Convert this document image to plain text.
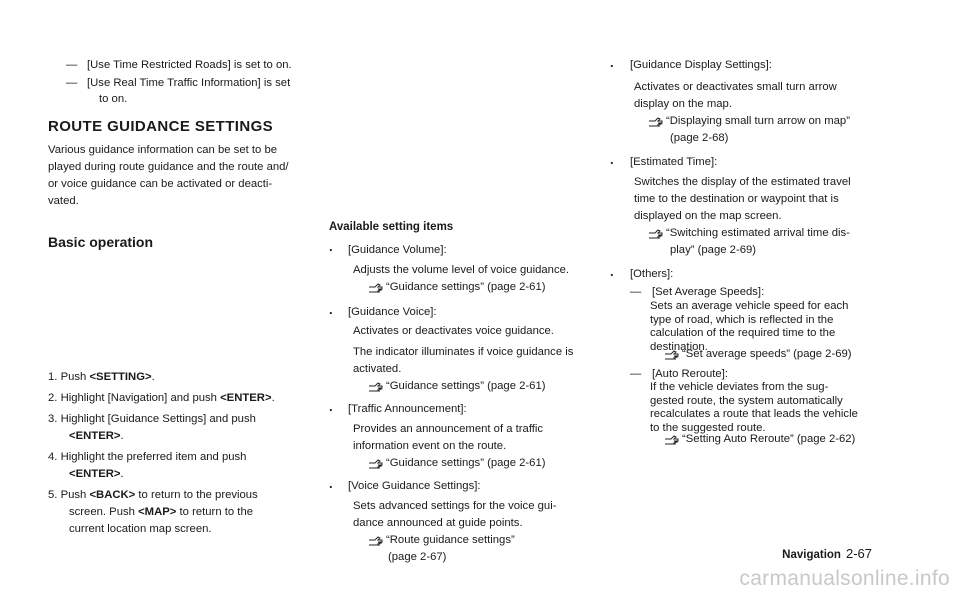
— [Use Time Restricted Roads] is set to on.

— [Use Real Time Traffic Information] is set

to on.

ROUTE GUIDANCE SETTINGS

Various guidance information can be set to be

played during route guidance and the route and/

or voice guidance can be activated or deacti-

vated.

Basic operation
1. Push <SETTING>.
2. Highlight [Navigation] and push <ENTER>.
3. Highlight [Guidance Settings] and push
<ENTER>.
4. Highlight the preferred item and push
<ENTER>.
5. Push <BACK> to return to the previous
screen. Push <MAP> to return to the
current location map screen.
Available setting items
. [Guidance Volume]:

Adjusts the volume level of voice guidance.

“Guidance settings” (page 2-61)
. [Guidance Voice]:

Activates or deactivates voice guidance.

The indicator illuminates if voice guidance is

activated.

“Guidance settings” (page 2-61)
. [Traffic Announcement]:

Provides an announcement of a traffic

information event on the route.

“Guidance settings” (page 2-61)
. [Voice Guidance Settings]:

Sets advanced settings for the voice gui-

dance announced at guide points.

“Route guidance settings”

(page 2-67)

. [Guidance Display Settings]:

Activates or deactivates small turn arrow

display on the map.

“Displaying small turn arrow on map”

(page 2-68)

. [Estimated Time]:

Switches the display of the estimated travel

time to the destination or waypoint that is

displayed on the map screen.

“Switching estimated arrival time dis-

play” (page 2-69)

. [Others]:

— [Set Average Speeds]:

Sets an average vehicle speed for each

type of road, which is reflected in the

calculation of the required time to the

destination.

“Set average speeds” (page 2-69)
— [Auto Reroute]:

If the vehicle deviates from the sug-

gested route, the system automatically

recalculates a route that leads the vehicle

to the suggested route.

“Setting Auto Reroute” (page 2-62)
Navigation 2-67
carmanualsonline.info
